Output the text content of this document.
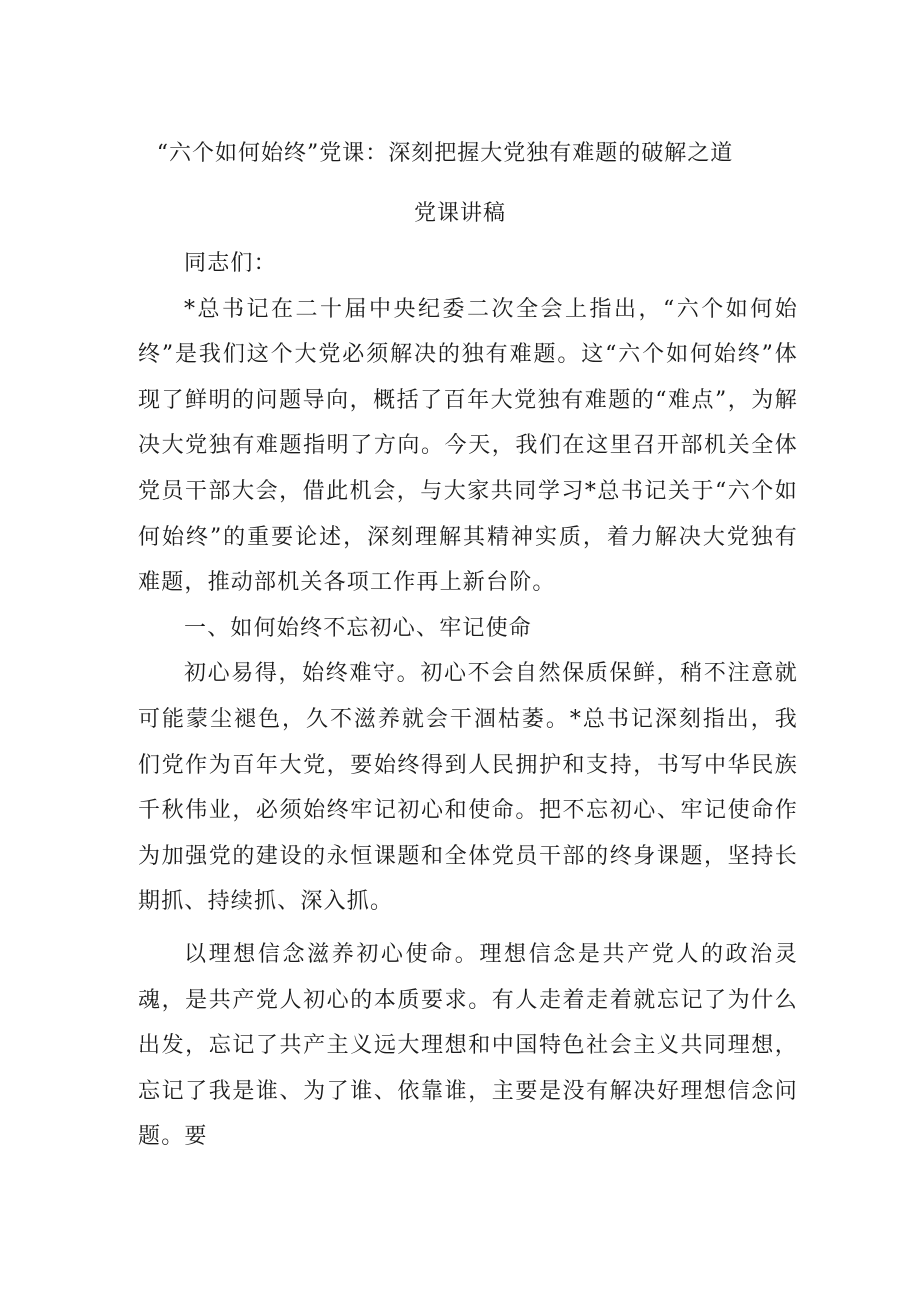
“六个如何始终”党课：深刻把握大党独有难题的破解之道
党课讲稿

同志们：

*总书记在二十届中央纪委二次全会上指出，“六个如何始终”是我们这个大党必须解决的独有难题。这“六个如何始终”体现了鲜明的问题导向，概括了百年大党独有难题的“难点”，为解决大党独有难题指明了方向。今天，我们在这里召开部机关全体党员干部大会，借此机会，与大家共同学习*总书记关于“六个如何始终”的重要论述，深刻理解其精神实质，着力解决大党独有难题，推动部机关各项工作再上新台阶。

一、如何始终不忘初心、牢记使命

初心易得，始终难守。初心不会自然保质保鲜，稍不注意就可能蒙尘褪色，久不滋养就会干涸枯萎。*总书记深刻指出，我们党作为百年大党，要始终得到人民拥护和支持，书写中华民族千秋伟业，必须始终牢记初心和使命。把不忘初心、牢记使命作为加强党的建设的永恒课题和全体党员干部的终身课题，坚持长期抓、持续抓、深入抓。

以理想信念滋养初心使命。理想信念是共产党人的政治灵魂，是共产党人初心的本质要求。有人走着走着就忘记了为什么出发，忘记了共产主义远大理想和中国特色社会主义共同理想，忘记了我是谁、为了谁、依靠谁，主要是没有解决好理想信念问题。要
